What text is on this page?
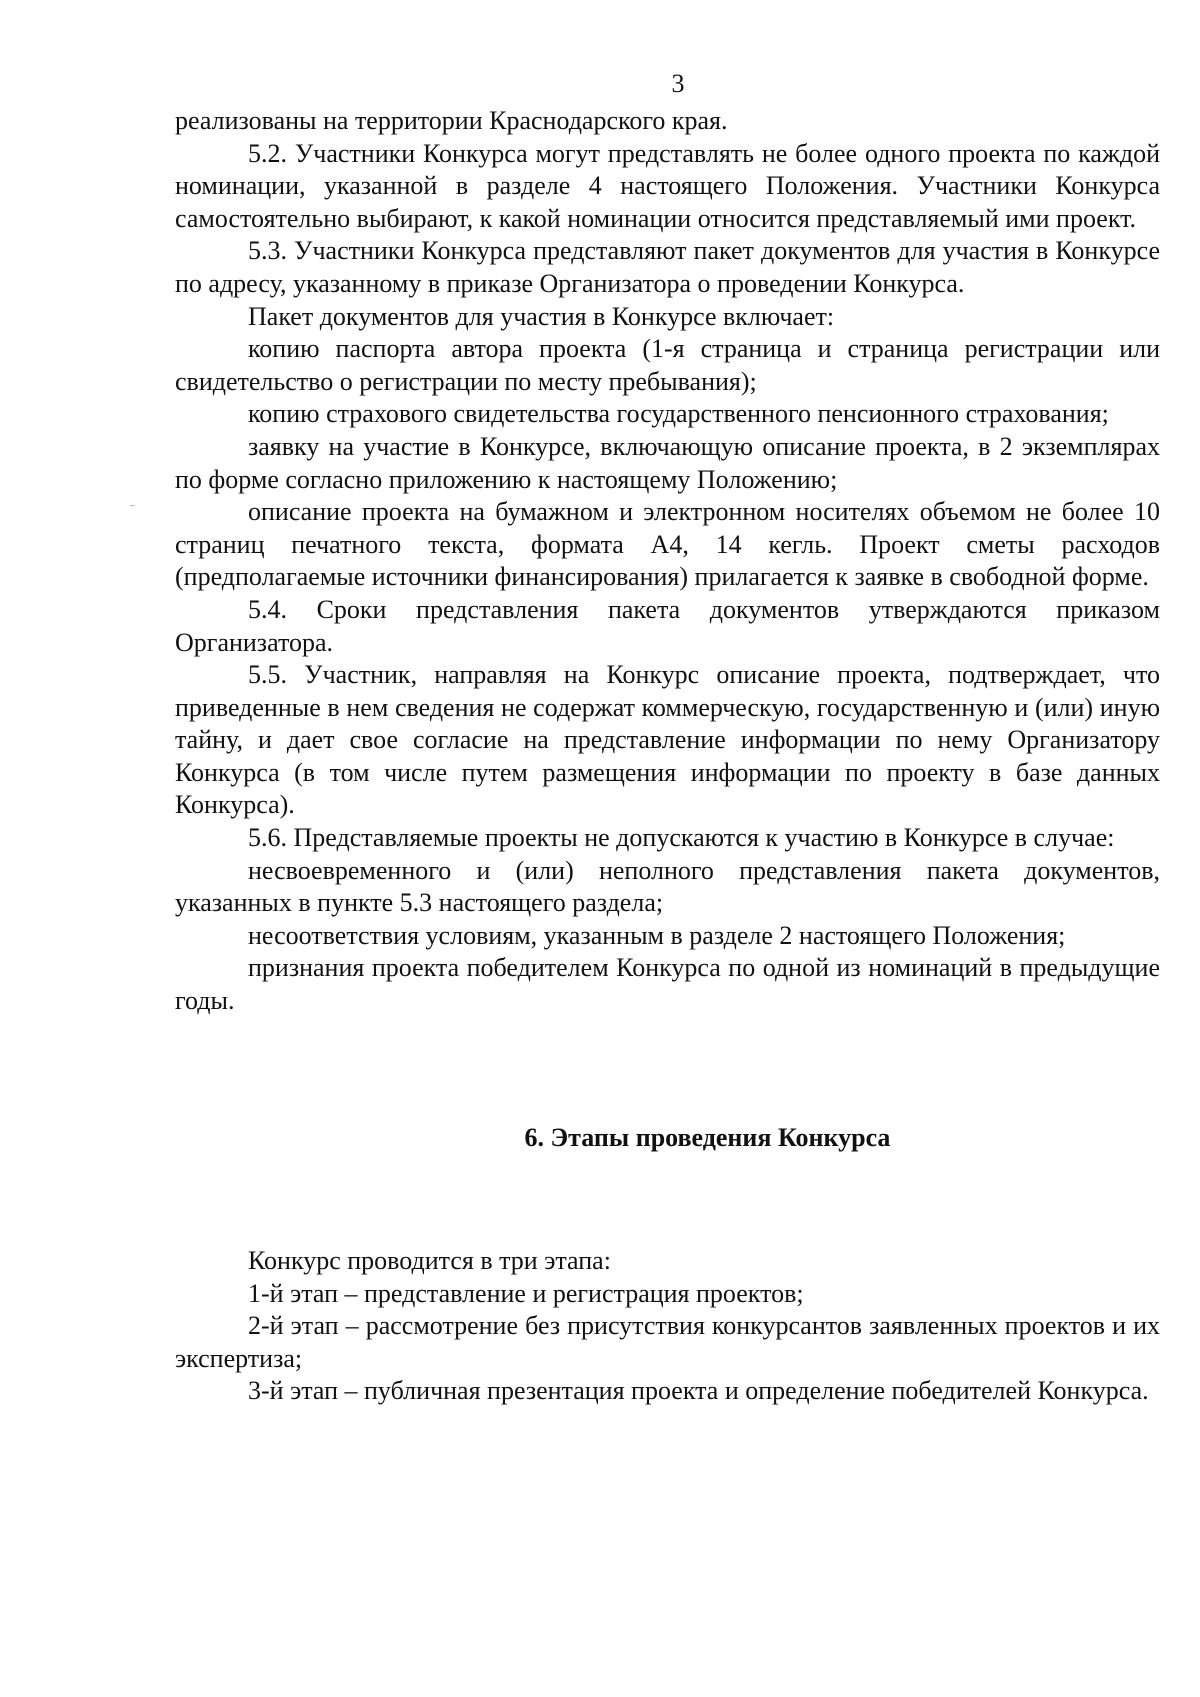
3

реализованы на территории Краснодарского края.

5.2. Участники Конкурса могут представлять не более одного проекта по каждой номинации, указанной в разделе 4 настоящего Положения. Участники Конкурса самостоятельно выбирают, к какой номинации относится представляемый ими проект.

5.3. Участники Конкурса представляют пакет документов для участия в Конкурсе по адресу, указанному в приказе Организатора о проведении Конкурса.

Пакет документов для участия в Конкурсе включает:

копию паспорта автора проекта (1-я страница и страница регистрации или свидетельство о регистрации по месту пребывания);

копию страхового свидетельства государственного пенсионного страхования;

заявку на участие в Конкурсе, включающую описание проекта, в 2 экземплярах по форме согласно приложению к настоящему Положению;

описание проекта на бумажном и электронном носителях объемом не более 10 страниц печатного текста, формата А4, 14 кегль. Проект сметы расходов (предполагаемые источники финансирования) прилагается к заявке в свободной форме.

5.4. Сроки представления пакета документов утверждаются приказом Организатора.

5.5. Участник, направляя на Конкурс описание проекта, подтверждает, что приведенные в нем сведения не содержат коммерческую, государственную и (или) иную тайну, и дает свое согласие на представление информации по нему Организатору Конкурса (в том числе путем размещения информации по проекту в базе данных Конкурса).

5.6. Представляемые проекты не допускаются к участию в Конкурсе в случае:

несвоевременного и (или) неполного представления пакета документов, указанных в пункте 5.3 настоящего раздела;

несоответствия условиям, указанным в разделе 2 настоящего Положения;

признания проекта победителем Конкурса по одной из номинаций в предыдущие годы.

6. Этапы проведения Конкурса

Конкурс проводится в три этапа:

1-й этап – представление и регистрация проектов;

2-й этап – рассмотрение без присутствия конкурсантов заявленных проектов и их экспертиза;

3-й этап – публичная презентация проекта и определение победителей Конкурса.
